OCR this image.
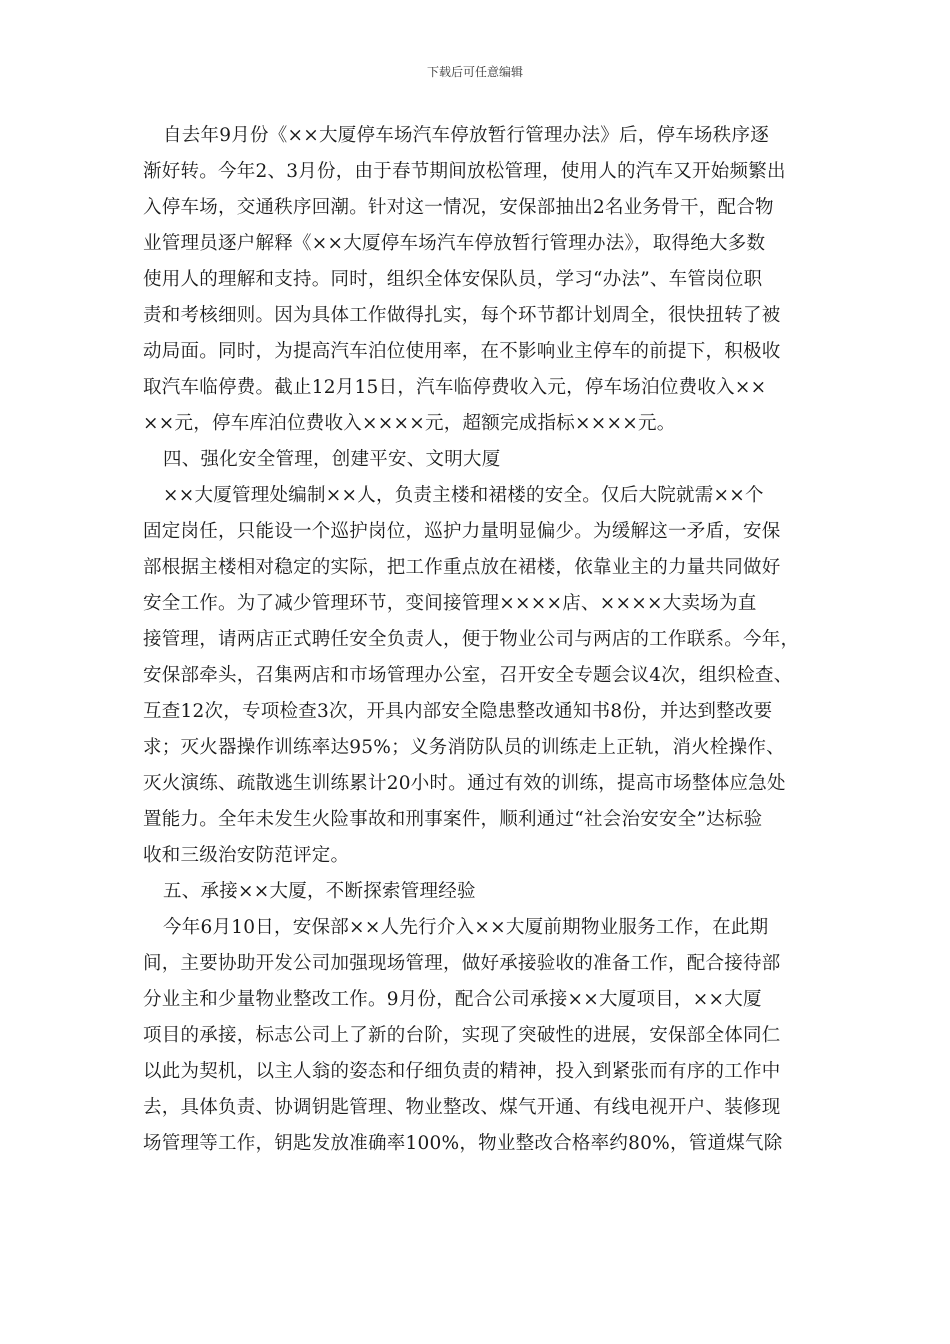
下载后可任意编辑
自去年9月份《××大厦停车场汽车停放暂行管理办法》后，停车场秩序逐
渐好转。今年2、3月份，由于春节期间放松管理，使用人的汽车又开始频繁出
入停车场，交通秩序回潮。针对这一情况，安保部抽出2名业务骨干，配合物
业管理员逐户解释《××大厦停车场汽车停放暂行管理办法》，取得绝大多数
使用人的理解和支持。同时，组织全体安保队员，学习“办法”、车管岗位职
责和考核细则。因为具体工作做得扎实，每个环节都计划周全，很快扭转了被
动局面。同时，为提高汽车泊位使用率，在不影响业主停车的前提下，积极收
取汽车临停费。截止12月15日，汽车临停费收入元，停车场泊位费收入××
××元，停车库泊位费收入××××元，超额完成指标××××元。
四、强化安全管理，创建平安、文明大厦
××大厦管理处编制××人，负责主楼和裙楼的安全。仅后大院就需××个
固定岗任，只能设一个巡护岗位，巡护力量明显偏少。为缓解这一矛盾，安保
部根据主楼相对稳定的实际，把工作重点放在裙楼，依靠业主的力量共同做好
安全工作。为了减少管理环节，变间接管理××××店、××××大卖场为直
接管理，请两店正式聘任安全负责人，便于物业公司与两店的工作联系。今年，
安保部牵头，召集两店和市场管理办公室，召开安全专题会议4次，组织检查、
互查12次，专项检查3次，开具内部安全隐患整改通知书8份，并达到整改要
求；灭火器操作训练率达95%；义务消防队员的训练走上正轨，消火栓操作、
灭火演练、疏散逃生训练累计20小时。通过有效的训练，提高市场整体应急处
置能力。全年未发生火险事故和刑事案件，顺利通过“社会治安安全”达标验
收和三级治安防范评定。
五、承接××大厦，不断探索管理经验
今年6月10日，安保部××人先行介入××大厦前期物业服务工作，在此期
间，主要协助开发公司加强现场管理，做好承接验收的准备工作，配合接待部
分业主和少量物业整改工作。9月份，配合公司承接××大厦项目，××大厦
项目的承接，标志公司上了新的台阶，实现了突破性的进展，安保部全体同仁
以此为契机，以主人翁的姿态和仔细负责的精神，投入到紧张而有序的工作中
去，具体负责、协调钥匙管理、物业整改、煤气开通、有线电视开户、装修现
场管理等工作，钥匙发放准确率100%，物业整改合格率约80%，管道煤气除
